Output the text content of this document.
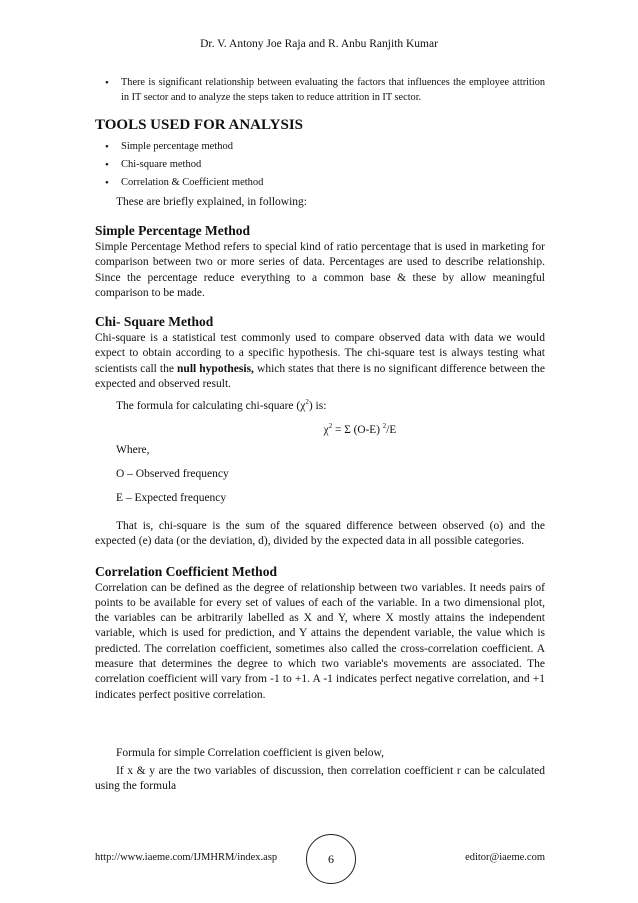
Dr. V. Antony Joe Raja and R. Anbu Ranjith Kumar
• There is significant relationship between evaluating the factors that influences the employee attrition in IT sector and to analyze the steps taken to reduce attrition in IT sector.
TOOLS USED FOR ANALYSIS
• Simple percentage method
• Chi-square method
• Correlation & Coefficient method
These are briefly explained, in following:
Simple Percentage Method

Simple Percentage Method refers to special kind of ratio percentage that is used in marketing for comparison between two or more series of data. Percentages are used to describe relationship. Since the percentage reduce everything to a common base & these by allow meaningful comparison to be made.

Chi- Square Method

Chi-square is a statistical test commonly used to compare observed data with data we would expect to obtain according to a specific hypothesis. The chi-square test is always testing what scientists call the null hypothesis, which states that there is no significant difference between the expected and observed result.

The formula for calculating chi-square $(\chi^2)$ is:
$\chi^2 = \Sigma$ (O-E) $^2$/E
Where,
O – Observed frequency
E – Expected frequency

That is, chi-square is the sum of the squared difference between observed (o) and the expected (e) data (or the deviation, d), divided by the expected data in all possible categories.

Correlation Coefficient Method

Correlation can be defined as the degree of relationship between two variables. It needs pairs of points to be available for every set of values of each of the variable. In a two dimensional plot, the variables can be arbitrarily labelled as X and Y, where X mostly attains the independent variable, which is used for prediction, and Y attains the dependent variable, the value which is predicted. The correlation coefficient, sometimes also called the cross-correlation coefficient. A measure that determines the degree to which two variable's movements are associated. The correlation coefficient will vary from -1 to +1. A -1 indicates perfect negative correlation, and +1 indicates perfect positive correlation.

Formula for simple Correlation coefficient is given below,

If x & y are the two variables of discussion, then correlation coefficient r can be calculated using the formula

http://www.iaeme.com/IJMHRM/index.asp	editor@iaeme.com
6
